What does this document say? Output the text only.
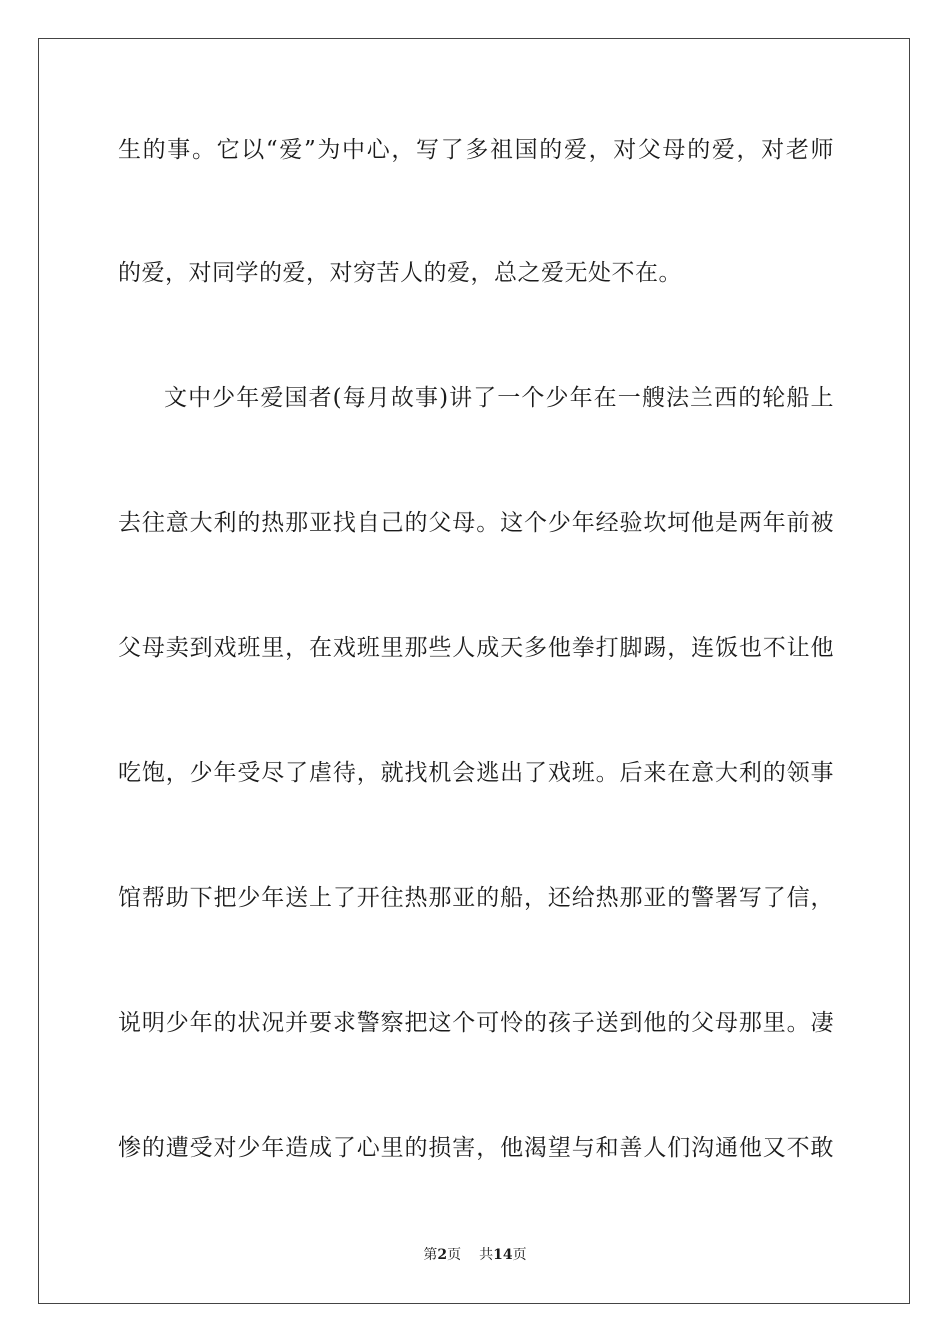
生的事。它以“爱”为中心，写了多祖国的爱，对父母的爱，对老师
的爱，对同学的爱，对穷苦人的爱，总之爱无处不在。
文中少年爱国者(每月故事)讲了一个少年在一艘法兰西的轮船上
去往意大利的热那亚找自己的父母。这个少年经验坎坷他是两年前被
父母卖到戏班里，在戏班里那些人成天多他拳打脚踢，连饭也不让他
吃饱，少年受尽了虐待，就找机会逃出了戏班。后来在意大利的领事
馆帮助下把少年送上了开往热那亚的船，还给热那亚的警署写了信，
说明少年的状况并要求警察把这个可怜的孩子送到他的父母那里。凄
惨的遭受对少年造成了心里的损害，他渴望与和善人们沟通他又不敢
第2页 共14页
